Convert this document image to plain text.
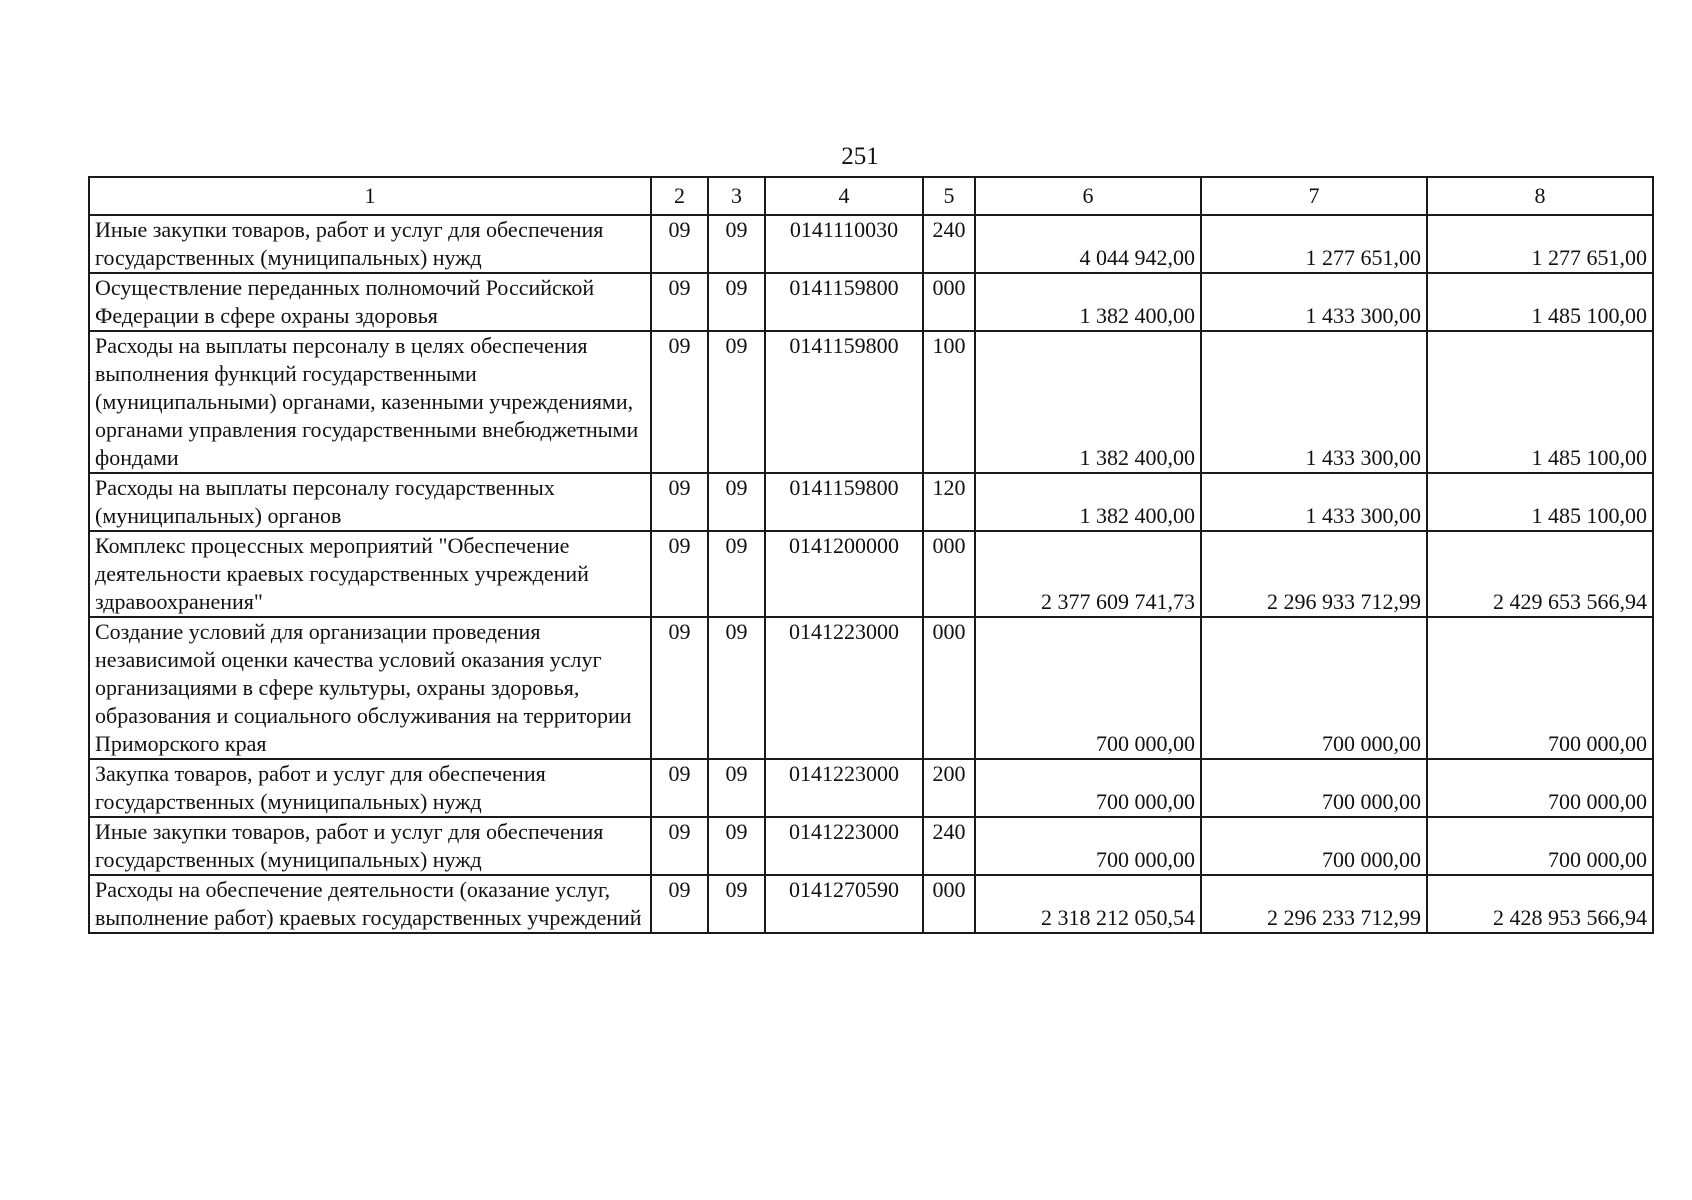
251
1	2	3	4	5	6	7	8
Иные закупки товаров, работ и услуг для обеспечения государственных (муниципальных) нужд	09	09	0141110030	240	4 044 942,00	1 277 651,00	1 277 651,00
Осуществление переданных полномочий Российской Федерации в сфере охраны здоровья	09	09	0141159800	000	1 382 400,00	1 433 300,00	1 485 100,00
Расходы на выплаты персоналу в целях обеспечения выполнения функций государственными (муниципальными) органами, казенными учреждениями, органами управления государственными внебюджетными фондами	09	09	0141159800	100	1 382 400,00	1 433 300,00	1 485 100,00
Расходы на выплаты персоналу государственных (муниципальных) органов	09	09	0141159800	120	1 382 400,00	1 433 300,00	1 485 100,00
Комплекс процессных мероприятий "Обеспечение деятельности краевых государственных учреждений здравоохранения"	09	09	0141200000	000	2 377 609 741,73	2 296 933 712,99	2 429 653 566,94
Создание условий для организации проведения независимой оценки качества условий оказания услуг организациями в сфере культуры, охраны здоровья, образования и социального обслуживания на территории Приморского края	09	09	0141223000	000	700 000,00	700 000,00	700 000,00
Закупка товаров, работ и услуг для обеспечения государственных (муниципальных) нужд	09	09	0141223000	200	700 000,00	700 000,00	700 000,00
Иные закупки товаров, работ и услуг для обеспечения государственных (муниципальных) нужд	09	09	0141223000	240	700 000,00	700 000,00	700 000,00
Расходы на обеспечение деятельности (оказание услуг, выполнение работ) краевых государственных учреждений	09	09	0141270590	000	2 318 212 050,54	2 296 233 712,99	2 428 953 566,94
